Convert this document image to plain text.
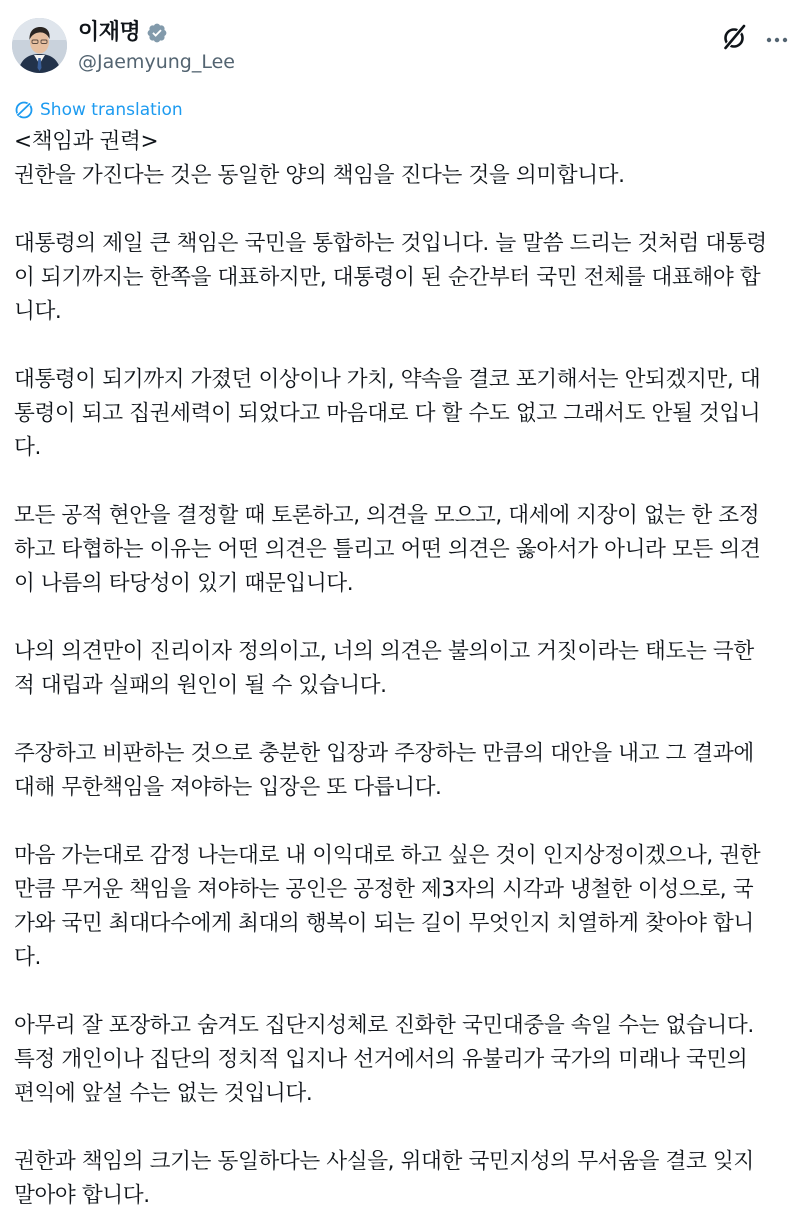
이재명
@Jaemyung_Lee
Show translation

<책임과 권력>
권한을 가진다는 것은 동일한 양의 책임을 진다는 것을 의미합니다.

대통령의 제일 큰 책임은 국민을 통합하는 것입니다. 늘 말씀 드리는 것처럼 대통령
이 되기까지는 한쪽을 대표하지만, 대통령이 된 순간부터 국민 전체를 대표해야 합
니다.

대통령이 되기까지 가졌던 이상이나 가치, 약속을 결코 포기해서는 안되겠지만, 대
통령이 되고 집권세력이 되었다고 마음대로 다 할 수도 없고 그래서도 안될 것입니
다.

모든 공적 현안을 결정할 때 토론하고, 의견을 모으고, 대세에 지장이 없는 한 조정
하고 타협하는 이유는 어떤 의견은 틀리고 어떤 의견은 옳아서가 아니라 모든 의견
이 나름의 타당성이 있기 때문입니다.

나의 의견만이 진리이자 정의이고, 너의 의견은 불의이고 거짓이라는 태도는 극한
적 대립과 실패의 원인이 될 수 있습니다.

주장하고 비판하는 것으로 충분한 입장과 주장하는 만큼의 대안을 내고 그 결과에
대해 무한책임을 져야하는 입장은 또 다릅니다.

마음 가는대로 감정 나는대로 내 이익대로 하고 싶은 것이 인지상정이겠으나, 권한
만큼 무거운 책임을 져야하는 공인은 공정한 제3자의 시각과 냉철한 이성으로, 국
가와 국민 최대다수에게 최대의 행복이 되는 길이 무엇인지 치열하게 찾아야 합니
다.

아무리 잘 포장하고 숨겨도 집단지성체로 진화한 국민대중을 속일 수는 없습니다.
특정 개인이나 집단의 정치적 입지나 선거에서의 유불리가 국가의 미래나 국민의
편익에 앞설 수는 없는 것입니다.

권한과 책임의 크기는 동일하다는 사실을, 위대한 국민지성의 무서움을 결코 잊지
말아야 합니다.
